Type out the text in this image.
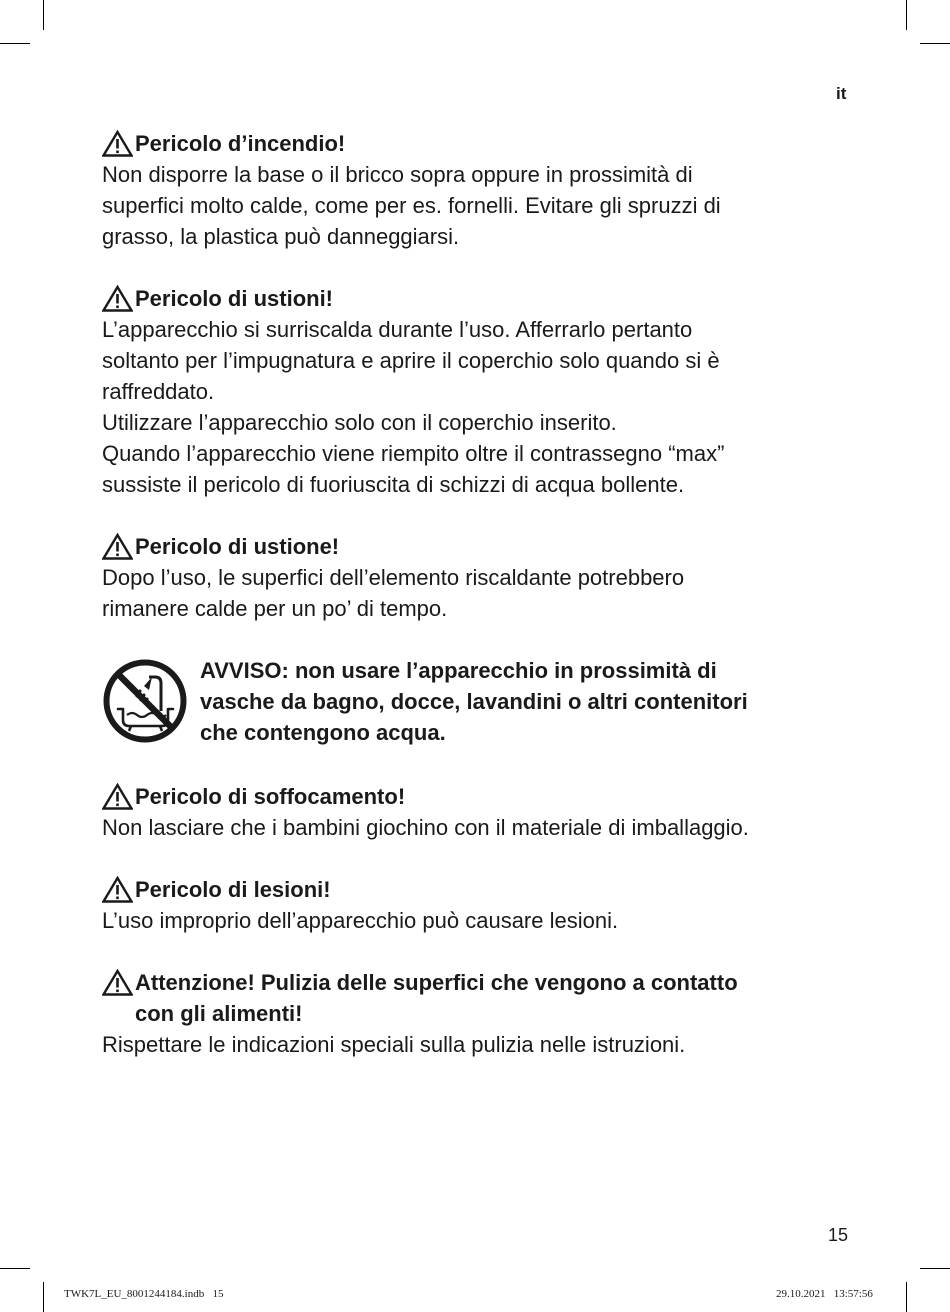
it
Pericolo d’incendio!

Non disporre la base o il bricco sopra oppure in prossimità di

superfici molto calde, come per es. fornelli. Evitare gli spruzzi di

grasso, la plastica può danneggiarsi.

Pericolo di ustioni!

L’apparecchio si surriscalda durante l’uso. Afferrarlo pertanto

soltanto per l’impugnatura e aprire il coperchio solo quando si è

raffreddato.

Utilizzare l’apparecchio solo con il coperchio inserito.

Quando l’apparecchio viene riempito oltre il contrassegno “max”

sussiste il pericolo di fuoriuscita di schizzi di acqua bollente.

Pericolo di ustione!

Dopo l’uso, le superfici dell’elemento riscaldante potrebbero

rimanere calde per un po’ di tempo.

AVVISO: non usare l’apparecchio in prossimità di
vasche da bagno, docce, lavandini o altri contenitori
che contengono acqua.
Pericolo di soffocamento!

Non lasciare che i bambini giochino con il materiale di imballaggio.

Pericolo di lesioni!

L’uso improprio dell’apparecchio può causare lesioni.

Attenzione! Pulizia delle superfici che vengono a contatto
con gli alimenti!

Rispettare le indicazioni speciali sulla pulizia nelle istruzioni.

15
TWK7L_EU_8001244184.indb   15	29.10.2021   13:57:56
